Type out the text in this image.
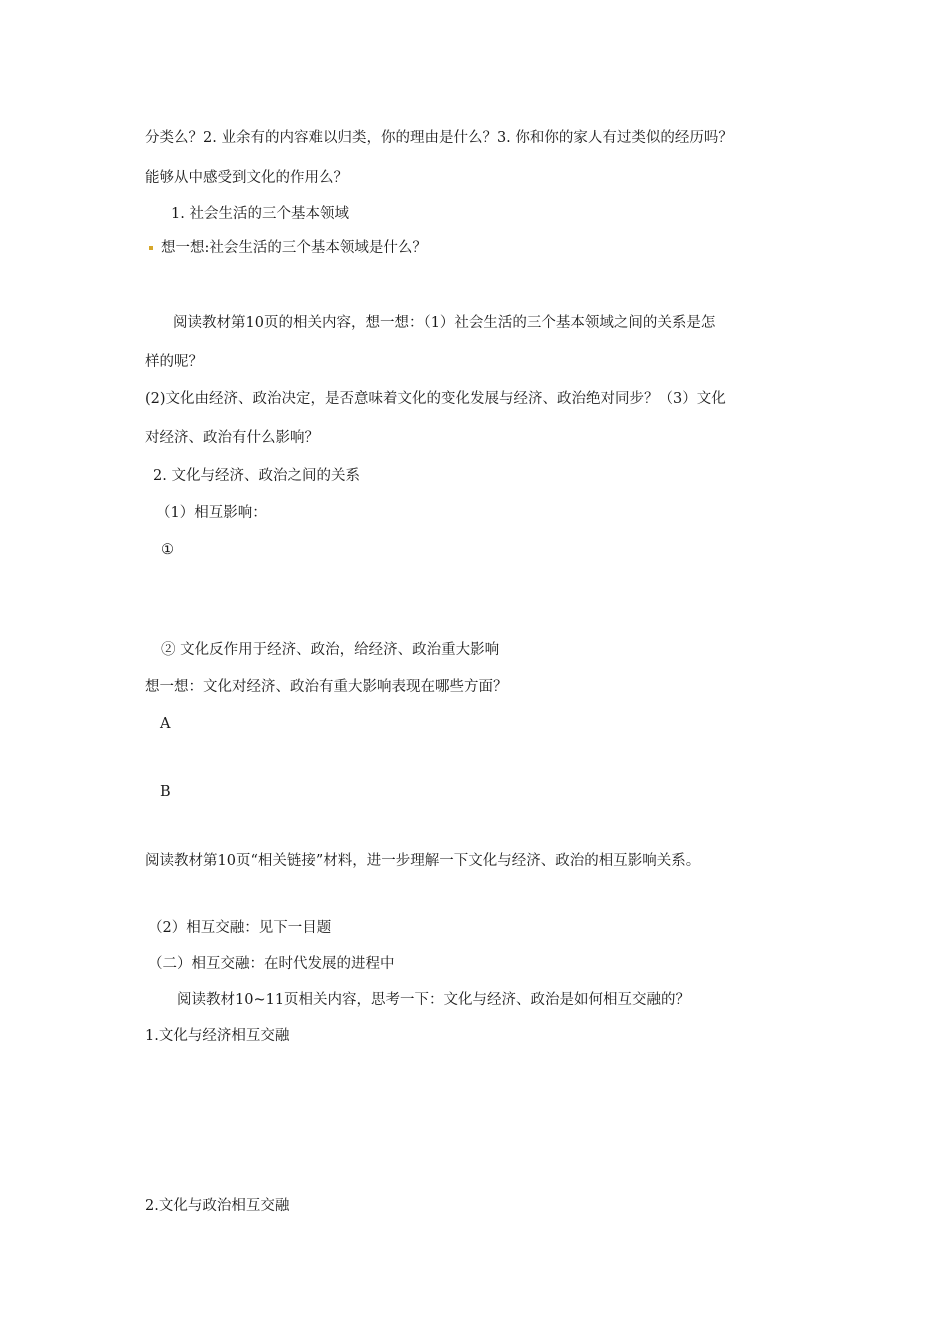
分类么？2. 业余有的内容难以归类，你的理由是什么？3. 你和你的家人有过类似的经历吗？
能够从中感受到文化的作用么？
1. 社会生活的三个基本领域
想一想:社会生活的三个基本领域是什么？
阅读教材第10页的相关内容，想一想：（1）社会生活的三个基本领域之间的关系是怎
样的呢？
(2)文化由经济、政治决定，是否意味着文化的变化发展与经济、政治绝对同步？（3）文化
对经济、政治有什么影响？
2. 文化与经济、政治之间的关系
（1）相互影响：
①
② 文化反作用于经济、政治，给经济、政治重大影响
想一想：文化对经济、政治有重大影响表现在哪些方面？
A
B
阅读教材第10页“相关链接”材料，进一步理解一下文化与经济、政治的相互影响关系。
（2）相互交融：见下一目题
（二）相互交融：在时代发展的进程中
阅读教材10~11页相关内容，思考一下：文化与经济、政治是如何相互交融的？
1.文化与经济相互交融
2.文化与政治相互交融
